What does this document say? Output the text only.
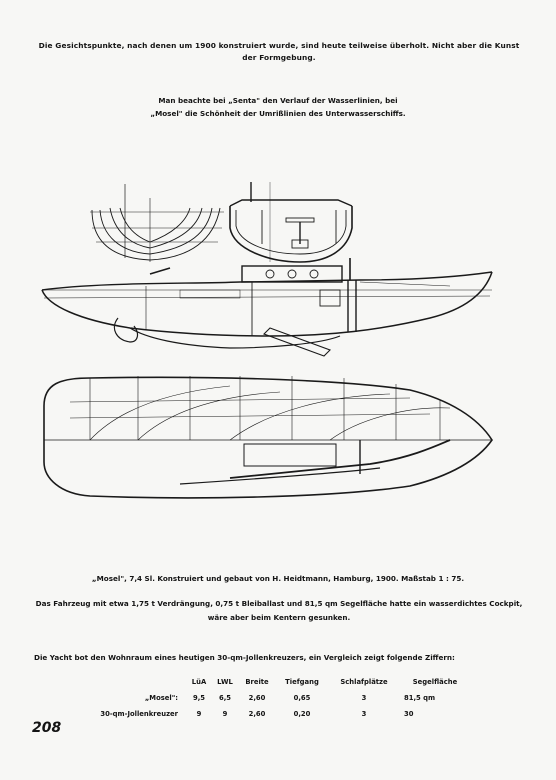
Die Gesichtspunkte, nach denen um 1900 konstruiert wurde, sind heute teilweise überholt. Nicht aber die Kunst der Formgebung.
Man beachte bei „Senta" den Verlauf der Wasserlinien, bei
„Mosel" die Schönheit der Umrißlinien des Unterwasserschiffs.
„Mosel", 7,4 Sl. Konstruiert und gebaut von H. Heidtmann, Hamburg, 1900. Maßstab 1 : 75.
Das Fahrzeug mit etwa 1,75 t Verdrängung, 0,75 t Bleiballast und 81,5 qm Segelfläche hatte ein wasserdichtes Cockpit, wäre aber beim Kentern gesunken.
Die Yacht bot den Wohnraum eines heutigen 30-qm-Jollenkreuzers, ein Vergleich zeigt folgende Ziffern:
	LüA	LWL	Breite	Tiefgang	Schlafplätze	Segelfläche
„Mosel":	9,5	6,5	2,60	0,65	3	81,5 qm
30-qm-Jollenkreuzer	9	9	2,60	0,20	3	30
208
